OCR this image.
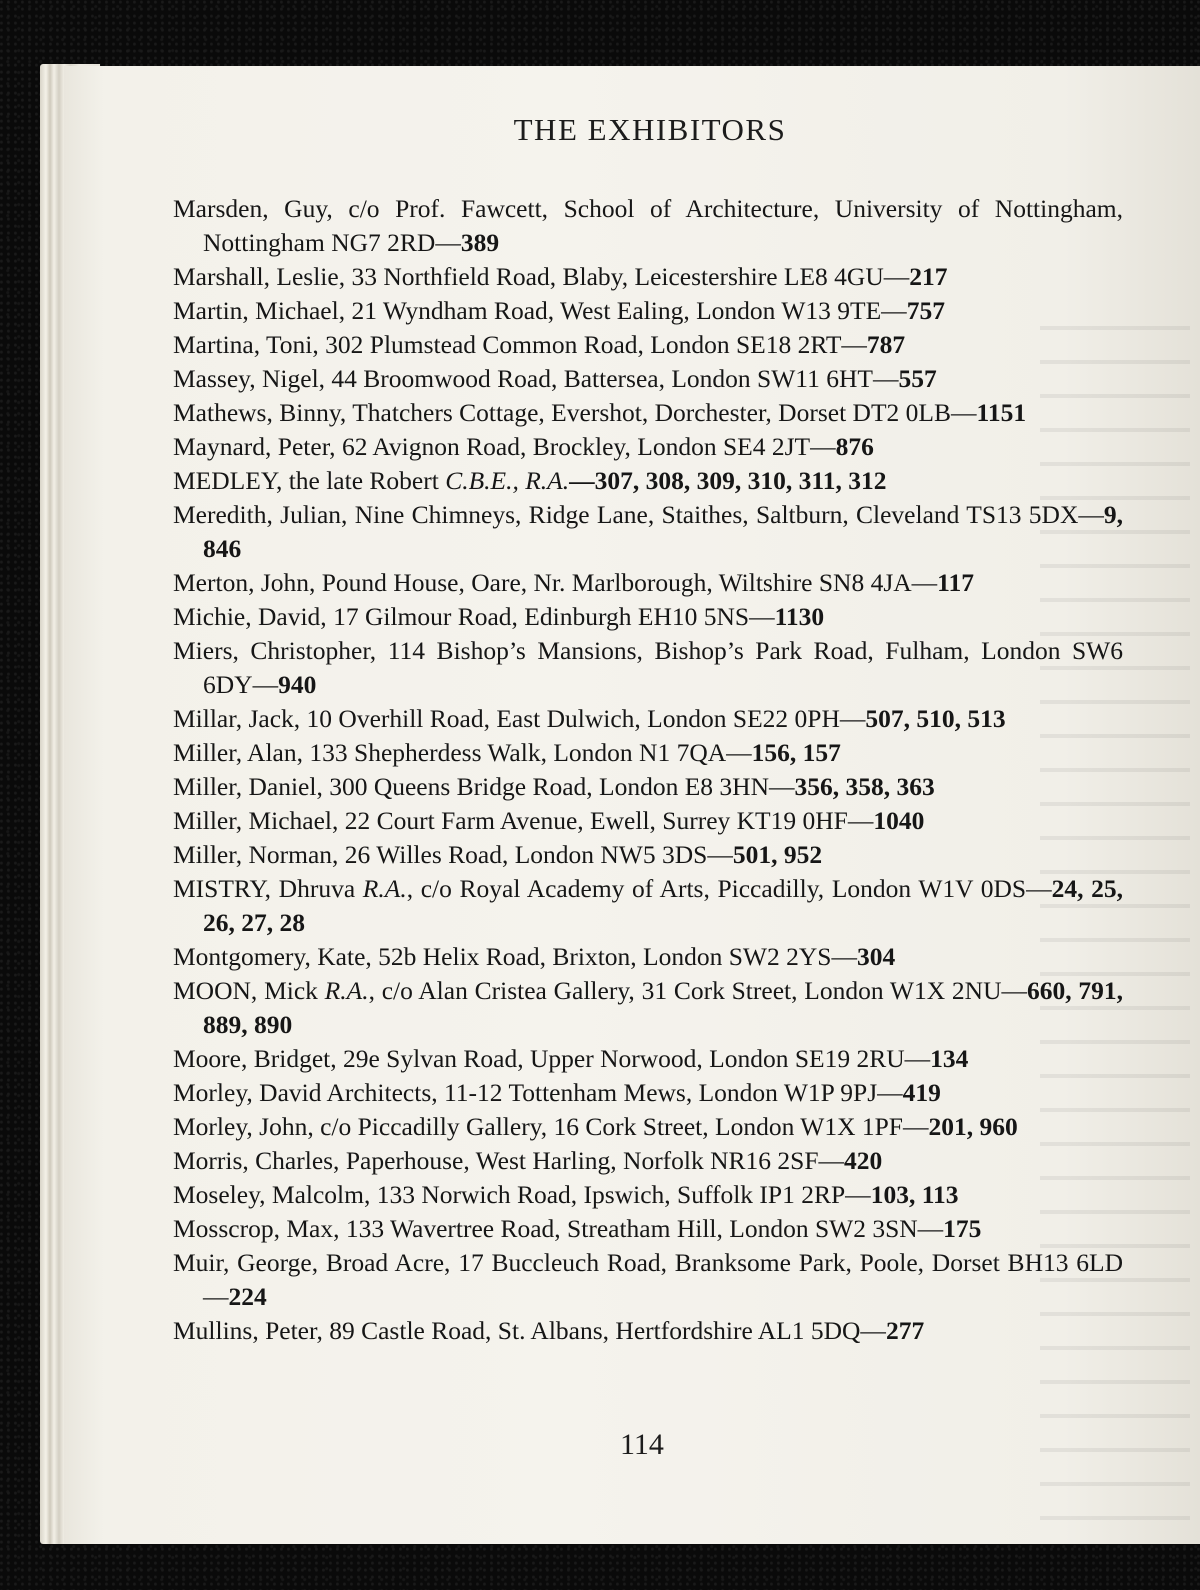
THE EXHIBITORS

Marsden, Guy, c/o Prof. Fawcett, School of Architecture, University of Nottingham, Nottingham NG7 2RD—389

Marshall, Leslie, 33 Northfield Road, Blaby, Leicestershire LE8 4GU—217

Martin, Michael, 21 Wyndham Road, West Ealing, London W13 9TE—757

Martina, Toni, 302 Plumstead Common Road, London SE18 2RT—787

Massey, Nigel, 44 Broomwood Road, Battersea, London SW11 6HT—557

Mathews, Binny, Thatchers Cottage, Evershot, Dorchester, Dorset DT2 0LB—1151

Maynard, Peter, 62 Avignon Road, Brockley, London SE4 2JT—876

MEDLEY, the late Robert C.B.E., R.A.—307, 308, 309, 310, 311, 312

Meredith, Julian, Nine Chimneys, Ridge Lane, Staithes, Saltburn, Cleveland TS13 5DX—9, 846

Merton, John, Pound House, Oare, Nr. Marlborough, Wiltshire SN8 4JA—117

Michie, David, 17 Gilmour Road, Edinburgh EH10 5NS—1130

Miers, Christopher, 114 Bishop’s Mansions, Bishop’s Park Road, Fulham, London SW6 6DY—940

Millar, Jack, 10 Overhill Road, East Dulwich, London SE22 0PH—507, 510, 513

Miller, Alan, 133 Shepherdess Walk, London N1 7QA—156, 157

Miller, Daniel, 300 Queens Bridge Road, London E8 3HN—356, 358, 363

Miller, Michael, 22 Court Farm Avenue, Ewell, Surrey KT19 0HF—1040

Miller, Norman, 26 Willes Road, London NW5 3DS—501, 952

MISTRY, Dhruva R.A., c/o Royal Academy of Arts, Piccadilly, London W1V 0DS—24, 25, 26, 27, 28

Montgomery, Kate, 52b Helix Road, Brixton, London SW2 2YS—304

MOON, Mick R.A., c/o Alan Cristea Gallery, 31 Cork Street, London W1X 2NU—660, 791, 889, 890

Moore, Bridget, 29e Sylvan Road, Upper Norwood, London SE19 2RU—134

Morley, David Architects, 11-12 Tottenham Mews, London W1P 9PJ—419

Morley, John, c/o Piccadilly Gallery, 16 Cork Street, London W1X 1PF—201, 960

Morris, Charles, Paperhouse, West Harling, Norfolk NR16 2SF—420

Moseley, Malcolm, 133 Norwich Road, Ipswich, Suffolk IP1 2RP—103, 113

Mosscrop, Max, 133 Wavertree Road, Streatham Hill, London SW2 3SN—175

Muir, George, Broad Acre, 17 Buccleuch Road, Branksome Park, Poole, Dorset BH13 6LD—224

Mullins, Peter, 89 Castle Road, St. Albans, Hertfordshire AL1 5DQ—277

114
